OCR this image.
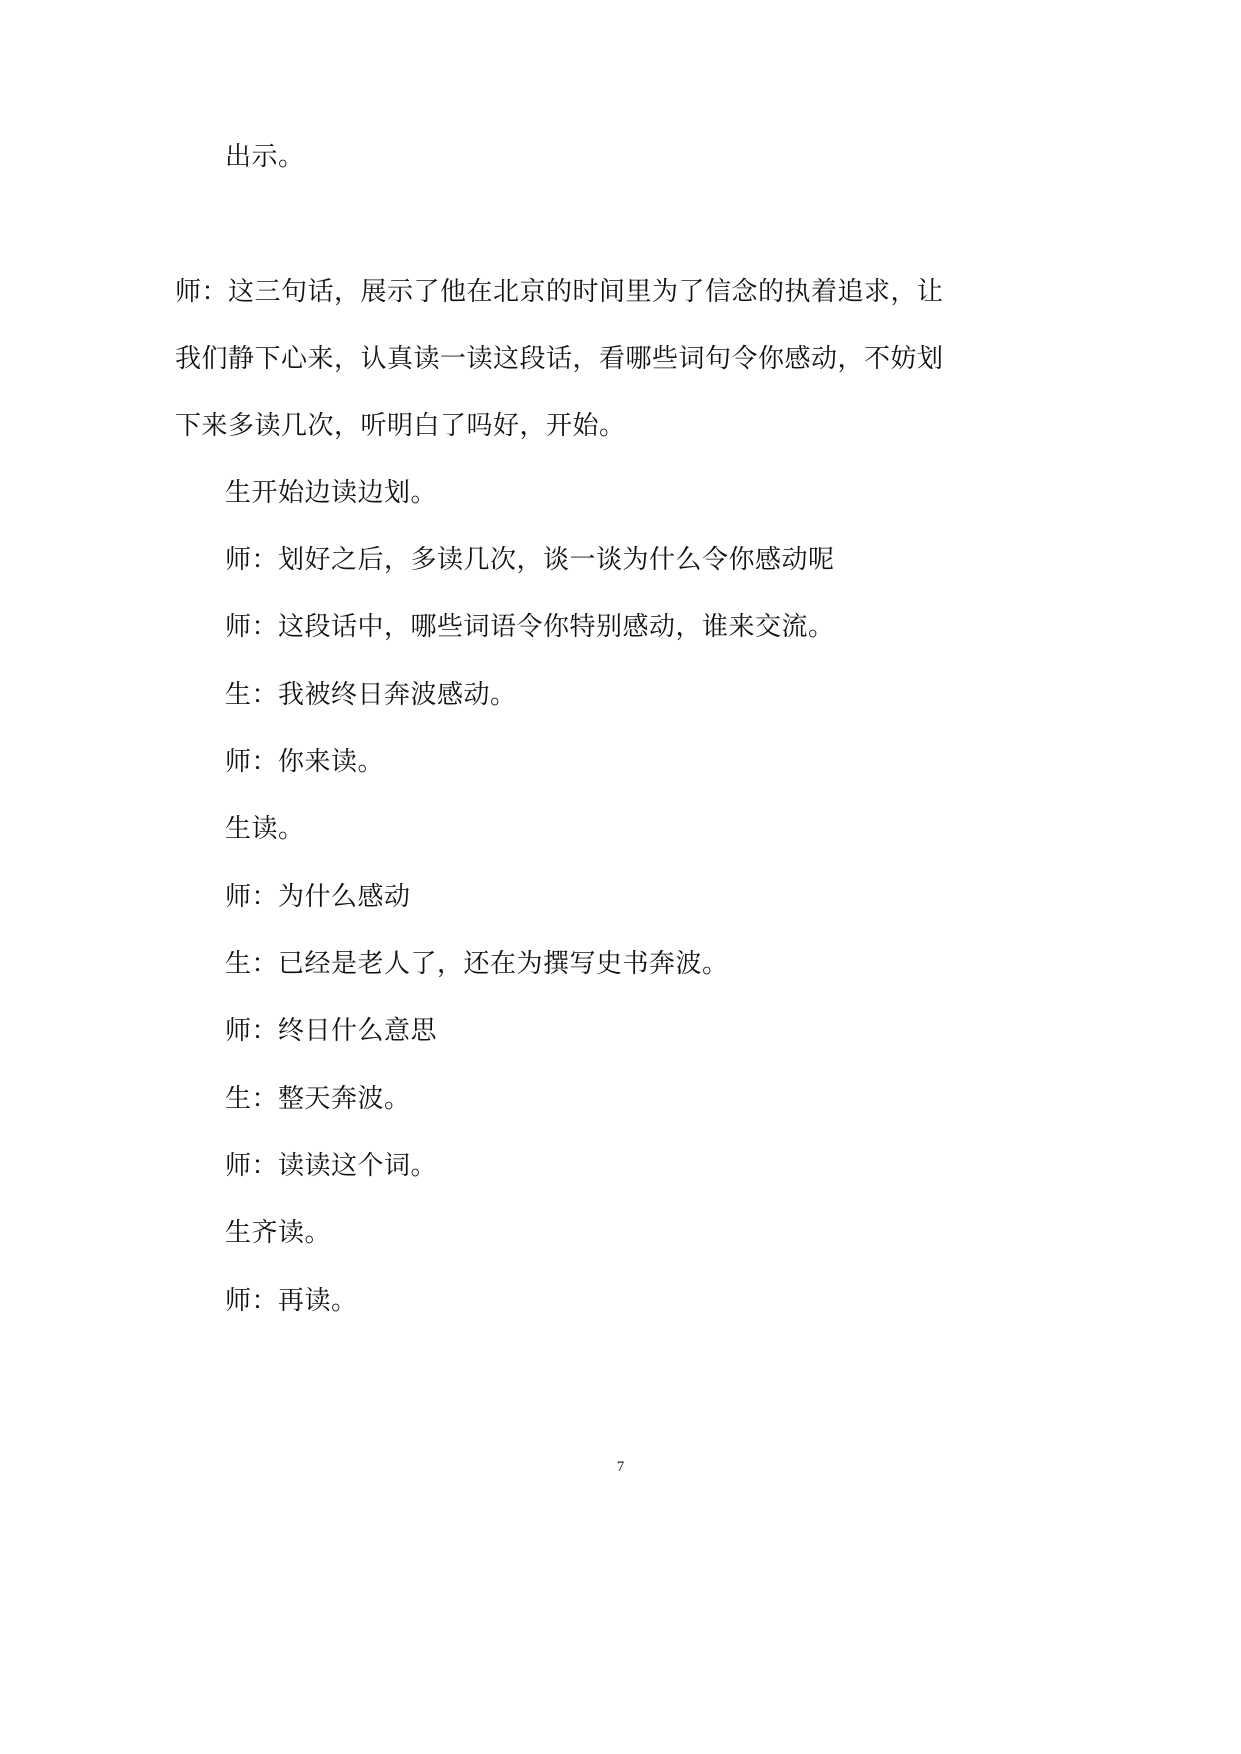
出示。

师：这三句话，展示了他在北京的时间里为了信念的执着追求，让

我们静下心来，认真读一读这段话，看哪些词句令你感动，不妨划

下来多读几次，听明白了吗好，开始。

生开始边读边划。

师：划好之后，多读几次，谈一谈为什么令你感动呢

师：这段话中，哪些词语令你特别感动，谁来交流。

生：我被终日奔波感动。

师：你来读。

生读。

师：为什么感动

生：已经是老人了，还在为撰写史书奔波。

师：终日什么意思

生：整天奔波。

师：读读这个词。

生齐读。

师：再读。

7
